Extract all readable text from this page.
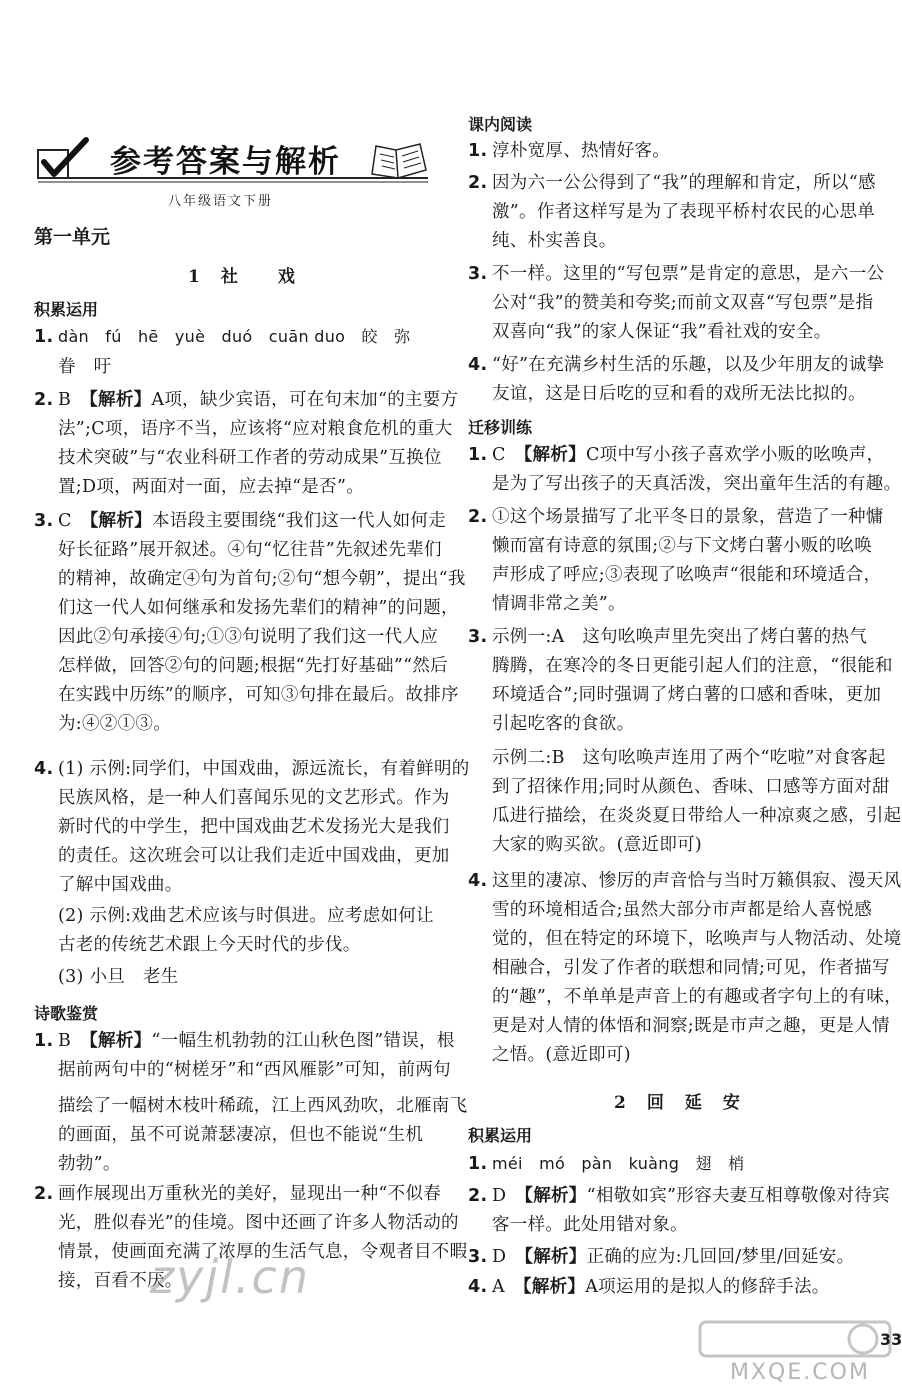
参考答案与解析
八年级语文下册
第一单元
1　社　　戏
积累运用
1. dàn　fú　hē　yuè　duó　cuān duo　皎　弥
眷　吁
2. B　【解析】A项，缺少宾语，可在句末加“的主要方
法”;C项，语序不当，应该将“应对粮食危机的重大
技术突破”与“农业科研工作者的劳动成果”互换位
置;D项，两面对一面，应去掉“是否”。
3. C　【解析】本语段主要围绕“我们这一代人如何走
好长征路”展开叙述。④句“忆往昔”先叙述先辈们
的精神，故确定④句为首句;②句“想今朝”，提出“我
们这一代人如何继承和发扬先辈们的精神”的问题，
因此②句承接④句;①③句说明了我们这一代人应
怎样做，回答②句的问题;根据“先打好基础”“然后
在实践中历练”的顺序，可知③句排在最后。故排序
为:④②①③。
4. (1) 示例:同学们，中国戏曲，源远流长，有着鲜明的
民族风格，是一种人们喜闻乐见的文艺形式。作为
新时代的中学生，把中国戏曲艺术发扬光大是我们
的责任。这次班会可以让我们走近中国戏曲，更加
了解中国戏曲。
(2) 示例:戏曲艺术应该与时俱进。应考虑如何让
古老的传统艺术跟上今天时代的步伐。
(3) 小旦　老生
诗歌鉴赏
1. B　【解析】“一幅生机勃勃的江山秋色图”错误，根
据前两句中的“树槎牙”和“西风雁影”可知，前两句
描绘了一幅树木枝叶稀疏，江上西风劲吹，北雁南飞
的画面，虽不可说萧瑟凄凉，但也不能说“生机
勃勃”。
2. 画作展现出万重秋光的美好，显现出一种“不似春
光，胜似春光”的佳境。图中还画了许多人物活动的
情景，使画面充满了浓厚的生活气息，令观者目不暇
接，百看不厌。
课内阅读
1. 淳朴宽厚、热情好客。
2. 因为六一公公得到了“我”的理解和肯定，所以“感
激”。作者这样写是为了表现平桥村农民的心思单
纯、朴实善良。
3. 不一样。这里的“写包票”是肯定的意思，是六一公
公对“我”的赞美和夸奖;而前文双喜“写包票”是指
双喜向“我”的家人保证“我”看社戏的安全。
4. “好”在充满乡村生活的乐趣，以及少年朋友的诚挚
友谊，这是日后吃的豆和看的戏所无法比拟的。
迁移训练
1. C　【解析】C项中写小孩子喜欢学小贩的吆唤声，
是为了写出孩子的天真活泼，突出童年生活的有趣。
2. ①这个场景描写了北平冬日的景象，营造了一种慵
懒而富有诗意的氛围;②与下文烤白薯小贩的吆唤
声形成了呼应;③表现了吆唤声“很能和环境适合，
情调非常之美”。
3. 示例一:A　这句吆唤声里先突出了烤白薯的热气
腾腾，在寒冷的冬日更能引起人们的注意，“很能和
环境适合”;同时强调了烤白薯的口感和香味，更加
引起吃客的食欲。
示例二:B　这句吆唤声连用了两个“吃啦”对食客起
到了招徕作用;同时从颜色、香味、口感等方面对甜
瓜进行描绘，在炎炎夏日带给人一种凉爽之感，引起
大家的购买欲。(意近即可)
4. 这里的凄凉、惨厉的声音恰与当时万籁俱寂、漫天风
雪的环境相适合;虽然大部分市声都是给人喜悦感
觉的，但在特定的环境下，吆唤声与人物活动、处境
相融合，引发了作者的联想和同情;可见，作者描写
的“趣”，不单单是声音上的有趣或者字句上的有味，
更是对人情的体悟和洞察;既是市声之趣，更是人情
之悟。(意近即可)
2　回　延　安
积累运用
1. méi　mó　pàn　kuàng　翅　梢
2. D　【解析】“相敬如宾”形容夫妻互相尊敬像对待宾
客一样。此处用错对象。
3. D　【解析】正确的应为:几回回/梦里/回延安。
4. A　【解析】A项运用的是拟人的修辞手法。
33
zyjl.cn
MXQE.COM
